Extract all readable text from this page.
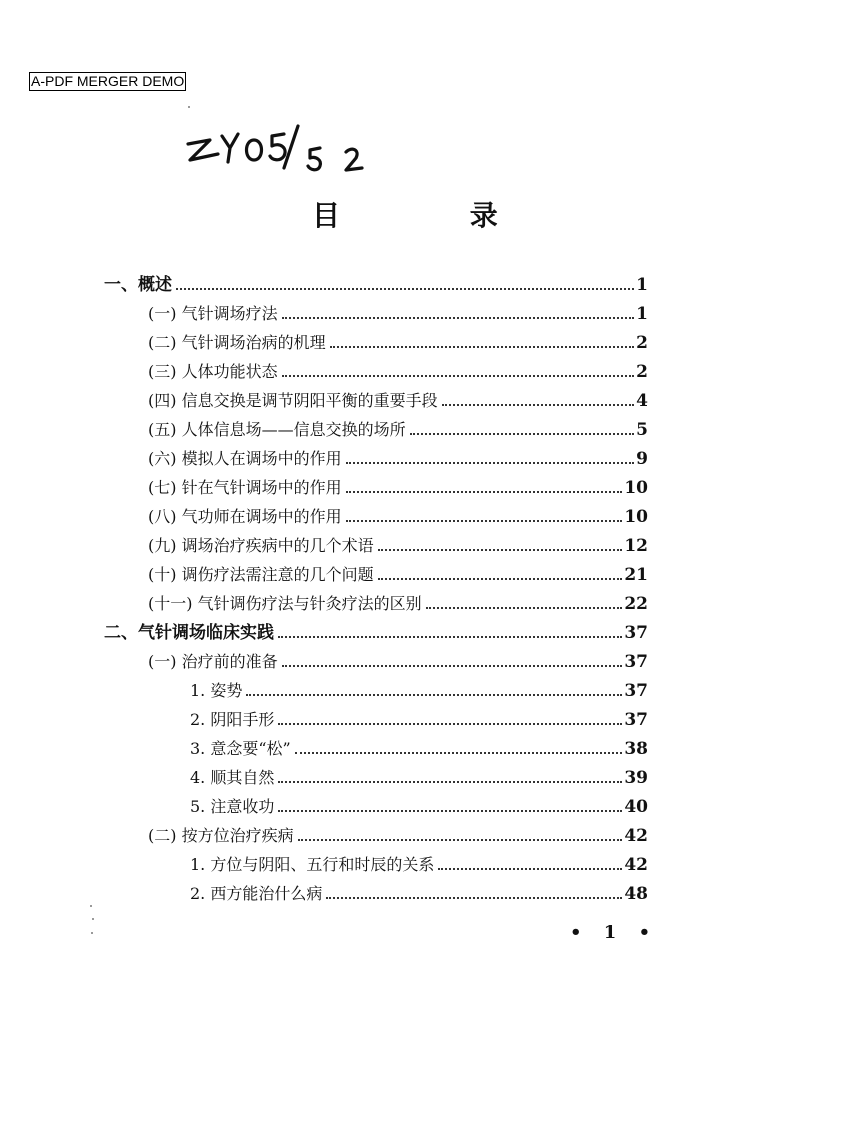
A-PDF MERGER DEMO
目 录
一、概述	1
(一) 气针调场疗法	1
(二) 气针调场治病的机理	2
(三) 人体功能状态	2
(四) 信息交换是调节阴阳平衡的重要手段	4
(五) 人体信息场——信息交换的场所	5
(六) 模拟人在调场中的作用	9
(七) 针在气针调场中的作用	10
(八) 气功师在调场中的作用	10
(九) 调场治疗疾病中的几个术语	12
(十) 调伤疗法需注意的几个问题	21
(十一) 气针调伤疗法与针灸疗法的区别	22
二、气针调场临床实践	37
(一) 治疗前的准备	37
1. 姿势	37
2. 阴阳手形	37
3. 意念要“松”	38
4. 顺其自然	39
5. 注意收功	40
(二) 按方位治疗疾病	42
1. 方位与阴阳、五行和时辰的关系	42
2. 西方能治什么病	48
• 1 •
